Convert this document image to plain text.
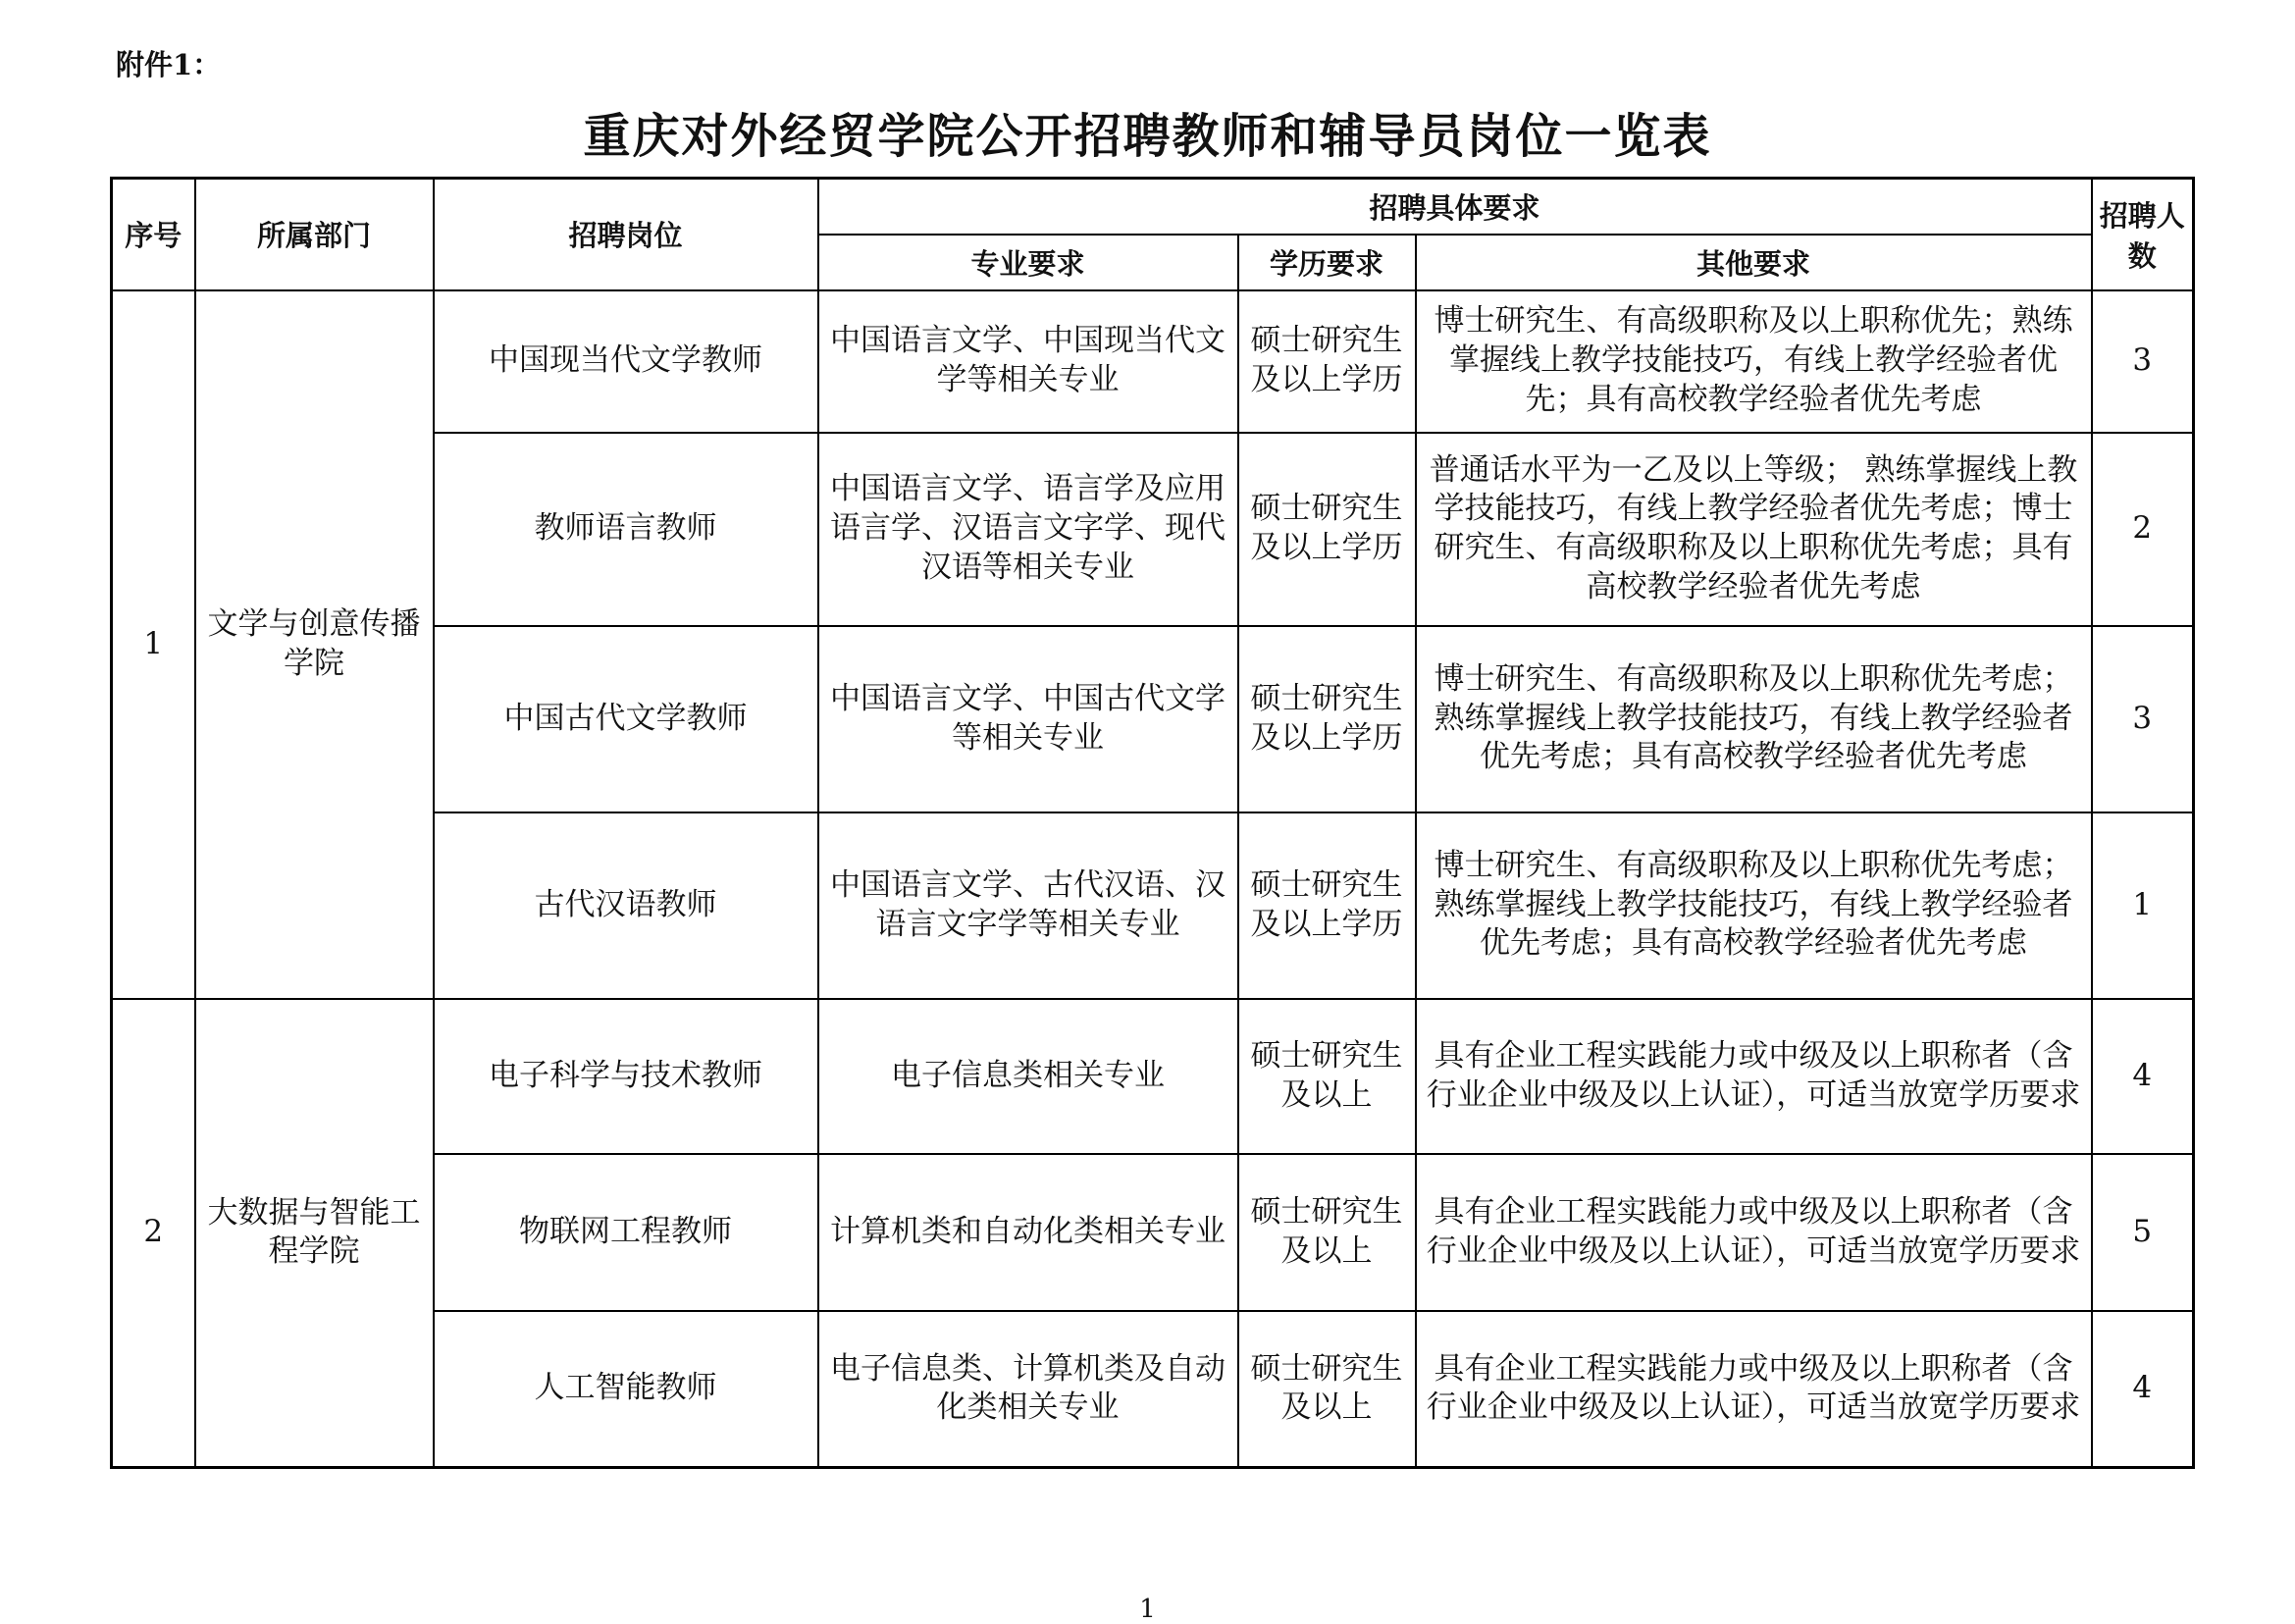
附件1：
重庆对外经贸学院公开招聘教师和辅导员岗位一览表
序号	所属部门	招聘岗位	招聘具体要求			招聘人数
			专业要求	学历要求	其他要求	
1	文学与创意传播学院	中国现当代文学教师	中国语言文学、中国现当代文学等相关专业	硕士研究生及以上学历	博士研究生、有高级职称及以上职称优先；熟练掌握线上教学技能技巧，有线上教学经验者优先；具有高校教学经验者优先考虑	3
		教师语言教师	中国语言文学、语言学及应用语言学、汉语言文字学、现代汉语等相关专业	硕士研究生及以上学历	普通话水平为一乙及以上等级； 熟练掌握线上教学技能技巧，有线上教学经验者优先考虑；博士研究生、有高级职称及以上职称优先考虑；具有高校教学经验者优先考虑	2
		中国古代文学教师	中国语言文学、中国古代文学等相关专业	硕士研究生及以上学历	博士研究生、有高级职称及以上职称优先考虑；熟练掌握线上教学技能技巧，有线上教学经验者优先考虑；具有高校教学经验者优先考虑	3
		古代汉语教师	中国语言文学、古代汉语、汉语言文字学等相关专业	硕士研究生及以上学历	博士研究生、有高级职称及以上职称优先考虑；熟练掌握线上教学技能技巧，有线上教学经验者优先考虑；具有高校教学经验者优先考虑	1
2	大数据与智能工程学院	电子科学与技术教师	电子信息类相关专业	硕士研究生及以上	具有企业工程实践能力或中级及以上职称者（含行业企业中级及以上认证），可适当放宽学历要求	4
		物联网工程教师	计算机类和自动化类相关专业	硕士研究生及以上	具有企业工程实践能力或中级及以上职称者（含行业企业中级及以上认证），可适当放宽学历要求	5
		人工智能教师	电子信息类、计算机类及自动化类相关专业	硕士研究生及以上	具有企业工程实践能力或中级及以上职称者（含行业企业中级及以上认证），可适当放宽学历要求	4
1
